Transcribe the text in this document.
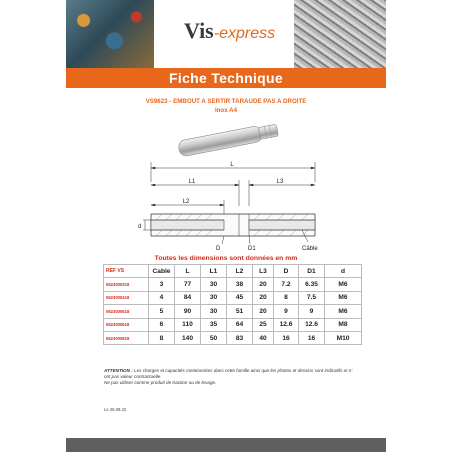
Vis-express
Fiche Technique
VS9623 - EMBOUT A SERTIR TARAUDE PAS A DROITE
Inox A4
L
L1	L3
L2
d
D	D1	Câble
Toutes les dimensions sont données en mm
REF VS	Cable	L	L1	L2	L3	D	D1	d
0623000318	3	77	30	38	20	7.2	6.35	M6
0623000418	4	84	30	45	20	8	7.5	M6
0623000518	5	90	30	51	20	9	9	M6
0623000618	6	110	35	64	25	12.6	12.6	M8
0623000818	8	140	50	83	40	16	16	M10
ATTENTION : Les charges et capacités mentionnées dans cette famille ainsi que les photos et dessins sont indicatifs et n' ont pas valeur contractuelle.
Ne pas utiliser comme produit de traction ou de levage.
Le 26.08.22
